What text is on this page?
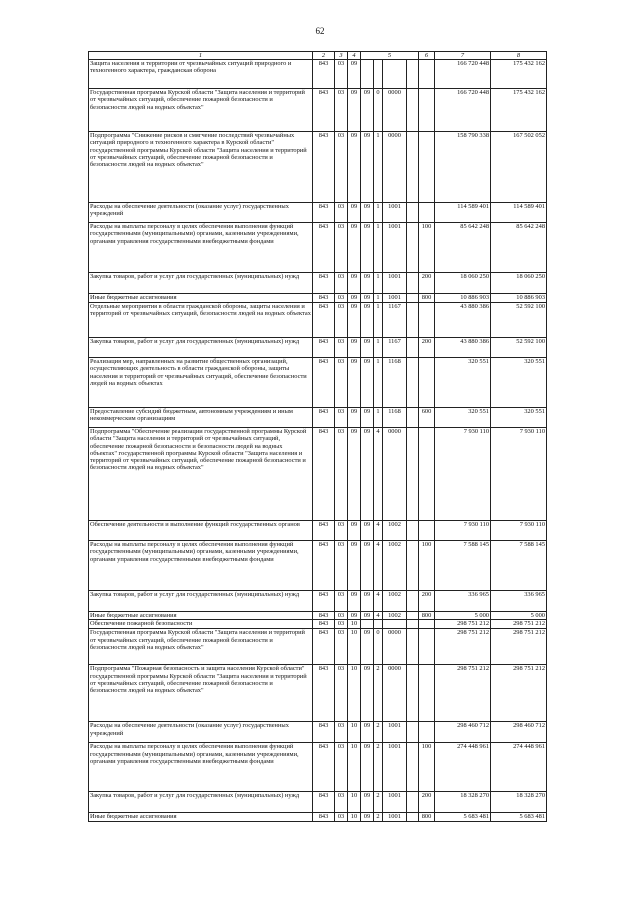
62
1	2	3	4	5				6	7	8
Защита населения и территории от чрезвычайных ситуаций природного и техногенного характера, гражданская оборона	843	03	09						166 720 448	175 432 162
Государственная программа Курской области "Защита населения и территорий от чрезвычайных ситуаций, обеспечение пожарной безопасности и безопасности людей на водных объектах"	843	03	09	09	0	0000			166 720 448	175 432 162
Подпрограмма "Снижение рисков и смягчение последствий чрезвычайных ситуаций природного и техногенного характера в Курской области" государственной программы Курской области "Защита населения и территорий от чрезвычайных ситуаций, обеспечение пожарной безопасности и безопасности людей на водных объектах"	843	03	09	09	1	0000			158 790 338	167 502 052
Расходы на обеспечение деятельности (оказание услуг) государственных учреждений	843	03	09	09	1	1001			114 589 401	114 589 401
Расходы на выплаты персоналу в целях обеспечения выполнения функций государственными (муниципальными) органами, казенными учреждениями, органами управления государственными внебюджетными фондами	843	03	09	09	1	1001		100	85 642 248	85 642 248
Закупка товаров, работ и услуг для государственных (муниципальных) нужд	843	03	09	09	1	1001		200	18 060 250	18 060 250
Иные бюджетные ассигнования	843	03	09	09	1	1001		800	10 886 903	10 886 903
Отдельные мероприятия в области гражданской обороны, защиты населения и территорий от чрезвычайных ситуаций, безопасности людей на водных объектах	843	03	09	09	1	1167			43 880 386	52 592 100
Закупка товаров, работ и услуг для государственных (муниципальных) нужд	843	03	09	09	1	1167		200	43 880 386	52 592 100
Реализация мер, направленных на развитие общественных организаций, осуществляющих деятельность в области гражданской обороны, защиты населения и территорий от чрезвычайных ситуаций, обеспечение безопасности людей на водных объектах	843	03	09	09	1	1168			320 551	320 551
Предоставление субсидий бюджетным, автономным учреждениям и иным некоммерческим организациям	843	03	09	09	1	1168		600	320 551	320 551
Подпрограмма "Обеспечение реализации государственной программы Курской области "Защита населения и территорий от чрезвычайных ситуаций, обеспечение пожарной безопасности и безопасности людей на водных объектах" государственной программы Курской области "Защита населения и территорий от чрезвычайных ситуаций, обеспечение пожарной безопасности и безопасности людей на водных объектах"	843	03	09	09	4	0000			7 930 110	7 930 110
Обеспечение деятельности и выполнение функций государственных органов	843	03	09	09	4	1002			7 930 110	7 930 110
Расходы на выплаты персоналу в целях обеспечения выполнения функций государственными (муниципальными) органами, казенными учреждениями, органами управления государственными внебюджетными фондами	843	03	09	09	4	1002		100	7 588 145	7 588 145
Закупка товаров, работ и услуг для государственных (муниципальных) нужд	843	03	09	09	4	1002		200	336 965	336 965
Иные бюджетные ассигнования	843	03	09	09	4	1002		800	5 000	5 000
Обеспечение пожарной безопасности	843	03	10						298 751 212	298 751 212
Государственная программа Курской области "Защита населения и территорий от чрезвычайных ситуаций, обеспечение пожарной безопасности и безопасности людей на водных объектах"	843	03	10	09	0	0000			298 751 212	298 751 212
Подпрограмма "Пожарная безопасность и защита населения Курской области" государственной программы Курской области "Защита населения и территорий от чрезвычайных ситуаций, обеспечение пожарной безопасности и безопасности людей на водных объектах"	843	03	10	09	2	0000			298 751 212	298 751 212
Расходы на обеспечение деятельности (оказание услуг) государственных учреждений	843	03	10	09	2	1001			298 460 712	298 460 712
Расходы на выплаты персоналу в целях обеспечения выполнения функций государственными (муниципальными) органами, казенными учреждениями, органами управления государственными внебюджетными фондами	843	03	10	09	2	1001		100	274 448 961	274 448 961
Закупка товаров, работ и услуг для государственных (муниципальных) нужд	843	03	10	09	2	1001		200	18 328 270	18 328 270
Иные бюджетные ассигнования	843	03	10	09	2	1001		800	5 683 481	5 683 481
